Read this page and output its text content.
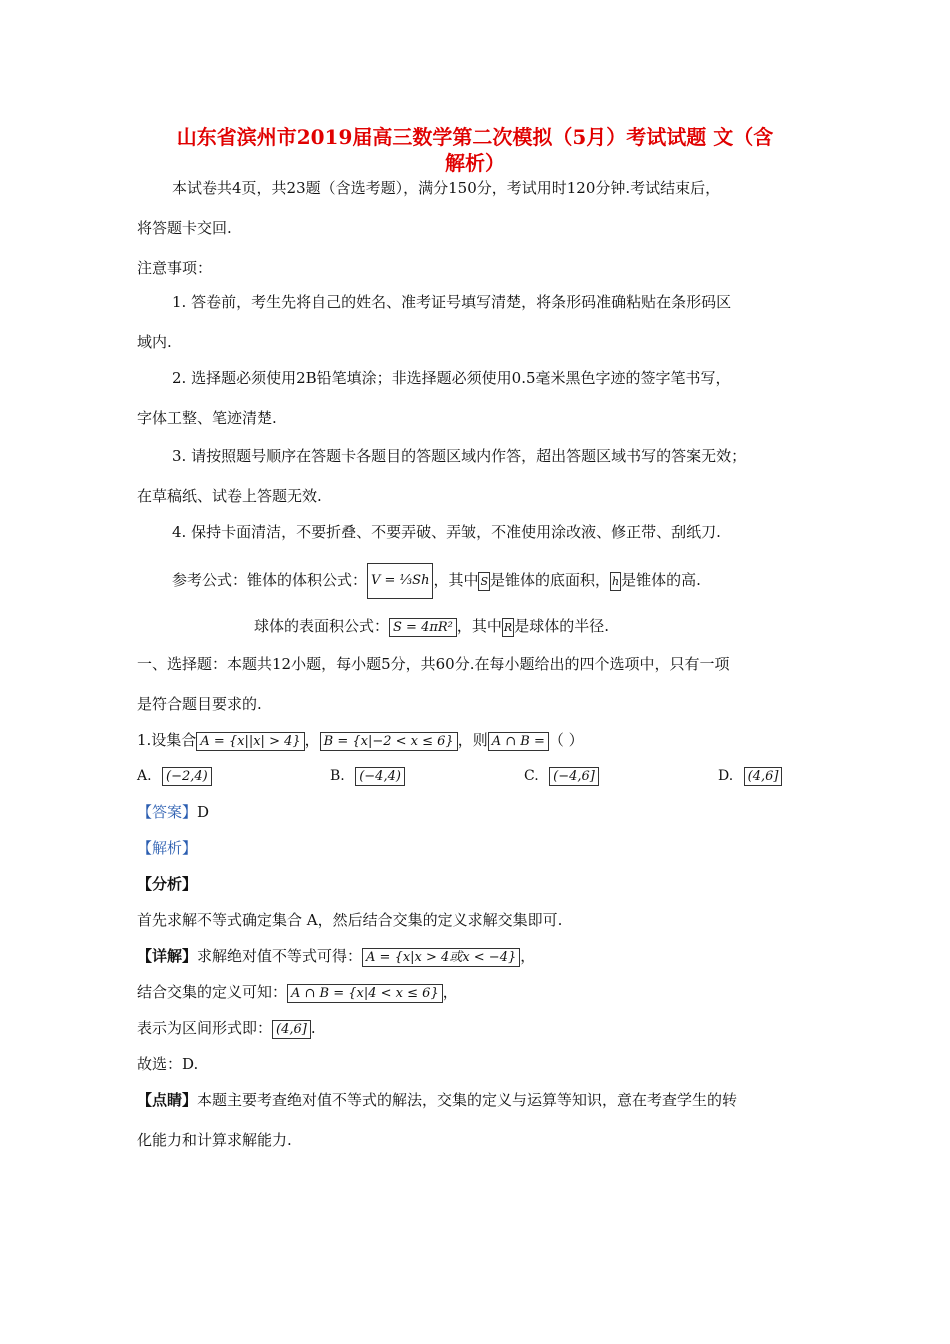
山东省滨州市2019届高三数学第二次模拟（5月）考试试题 文（含
解析）
本试卷共4页，共23题（含选考题），满分150分，考试用时120分钟.考试结束后，
将答题卡交回.
注意事项：
1. 答卷前，考生先将自己的姓名、准考证号填写清楚，将条形码准确粘贴在条形码区
域内.
2. 选择题必须使用2B铅笔填涂；非选择题必须使用0.5毫米黑色字迹的签字笔书写，
字体工整、笔迹清楚.
3. 请按照题号顺序在答题卡各题目的答题区域内作答，超出答题区域书写的答案无效；
在草稿纸、试卷上答题无效.
4. 保持卡面清洁，不要折叠、不要弄破、弄皱，不准使用涂改液、修正带、刮纸刀.
参考公式：锥体的体积公式： V = ⅓Sh ，其中 S 是锥体的底面积， h 是锥体的高.
球体的表面积公式： S = 4πR² ，其中 R 是球体的半径.
一、选择题：本题共12小题，每小题5分，共60分.在每小题给出的四个选项中，只有一项
是符合题目要求的.
1.设集合 A = {x||x| > 4} ， B = {x|−2 < x ≤ 6} ，则 A ∩ B = （ ）
A. (−2,4)	B. (−4,4)	C. (−4,6]	D. (4,6]
【答案】D
【解析】
【分析】
首先求解不等式确定集合 A，然后结合交集的定义求解交集即可.
【详解】求解绝对值不等式可得： A = {x|x > 4或x < −4} ，
结合交集的定义可知： A ∩ B = {x|4 < x ≤ 6} ，
表示为区间形式即： (4,6] .
故选：D.
【点睛】本题主要考查绝对值不等式的解法，交集的定义与运算等知识，意在考查学生的转
化能力和计算求解能力.
